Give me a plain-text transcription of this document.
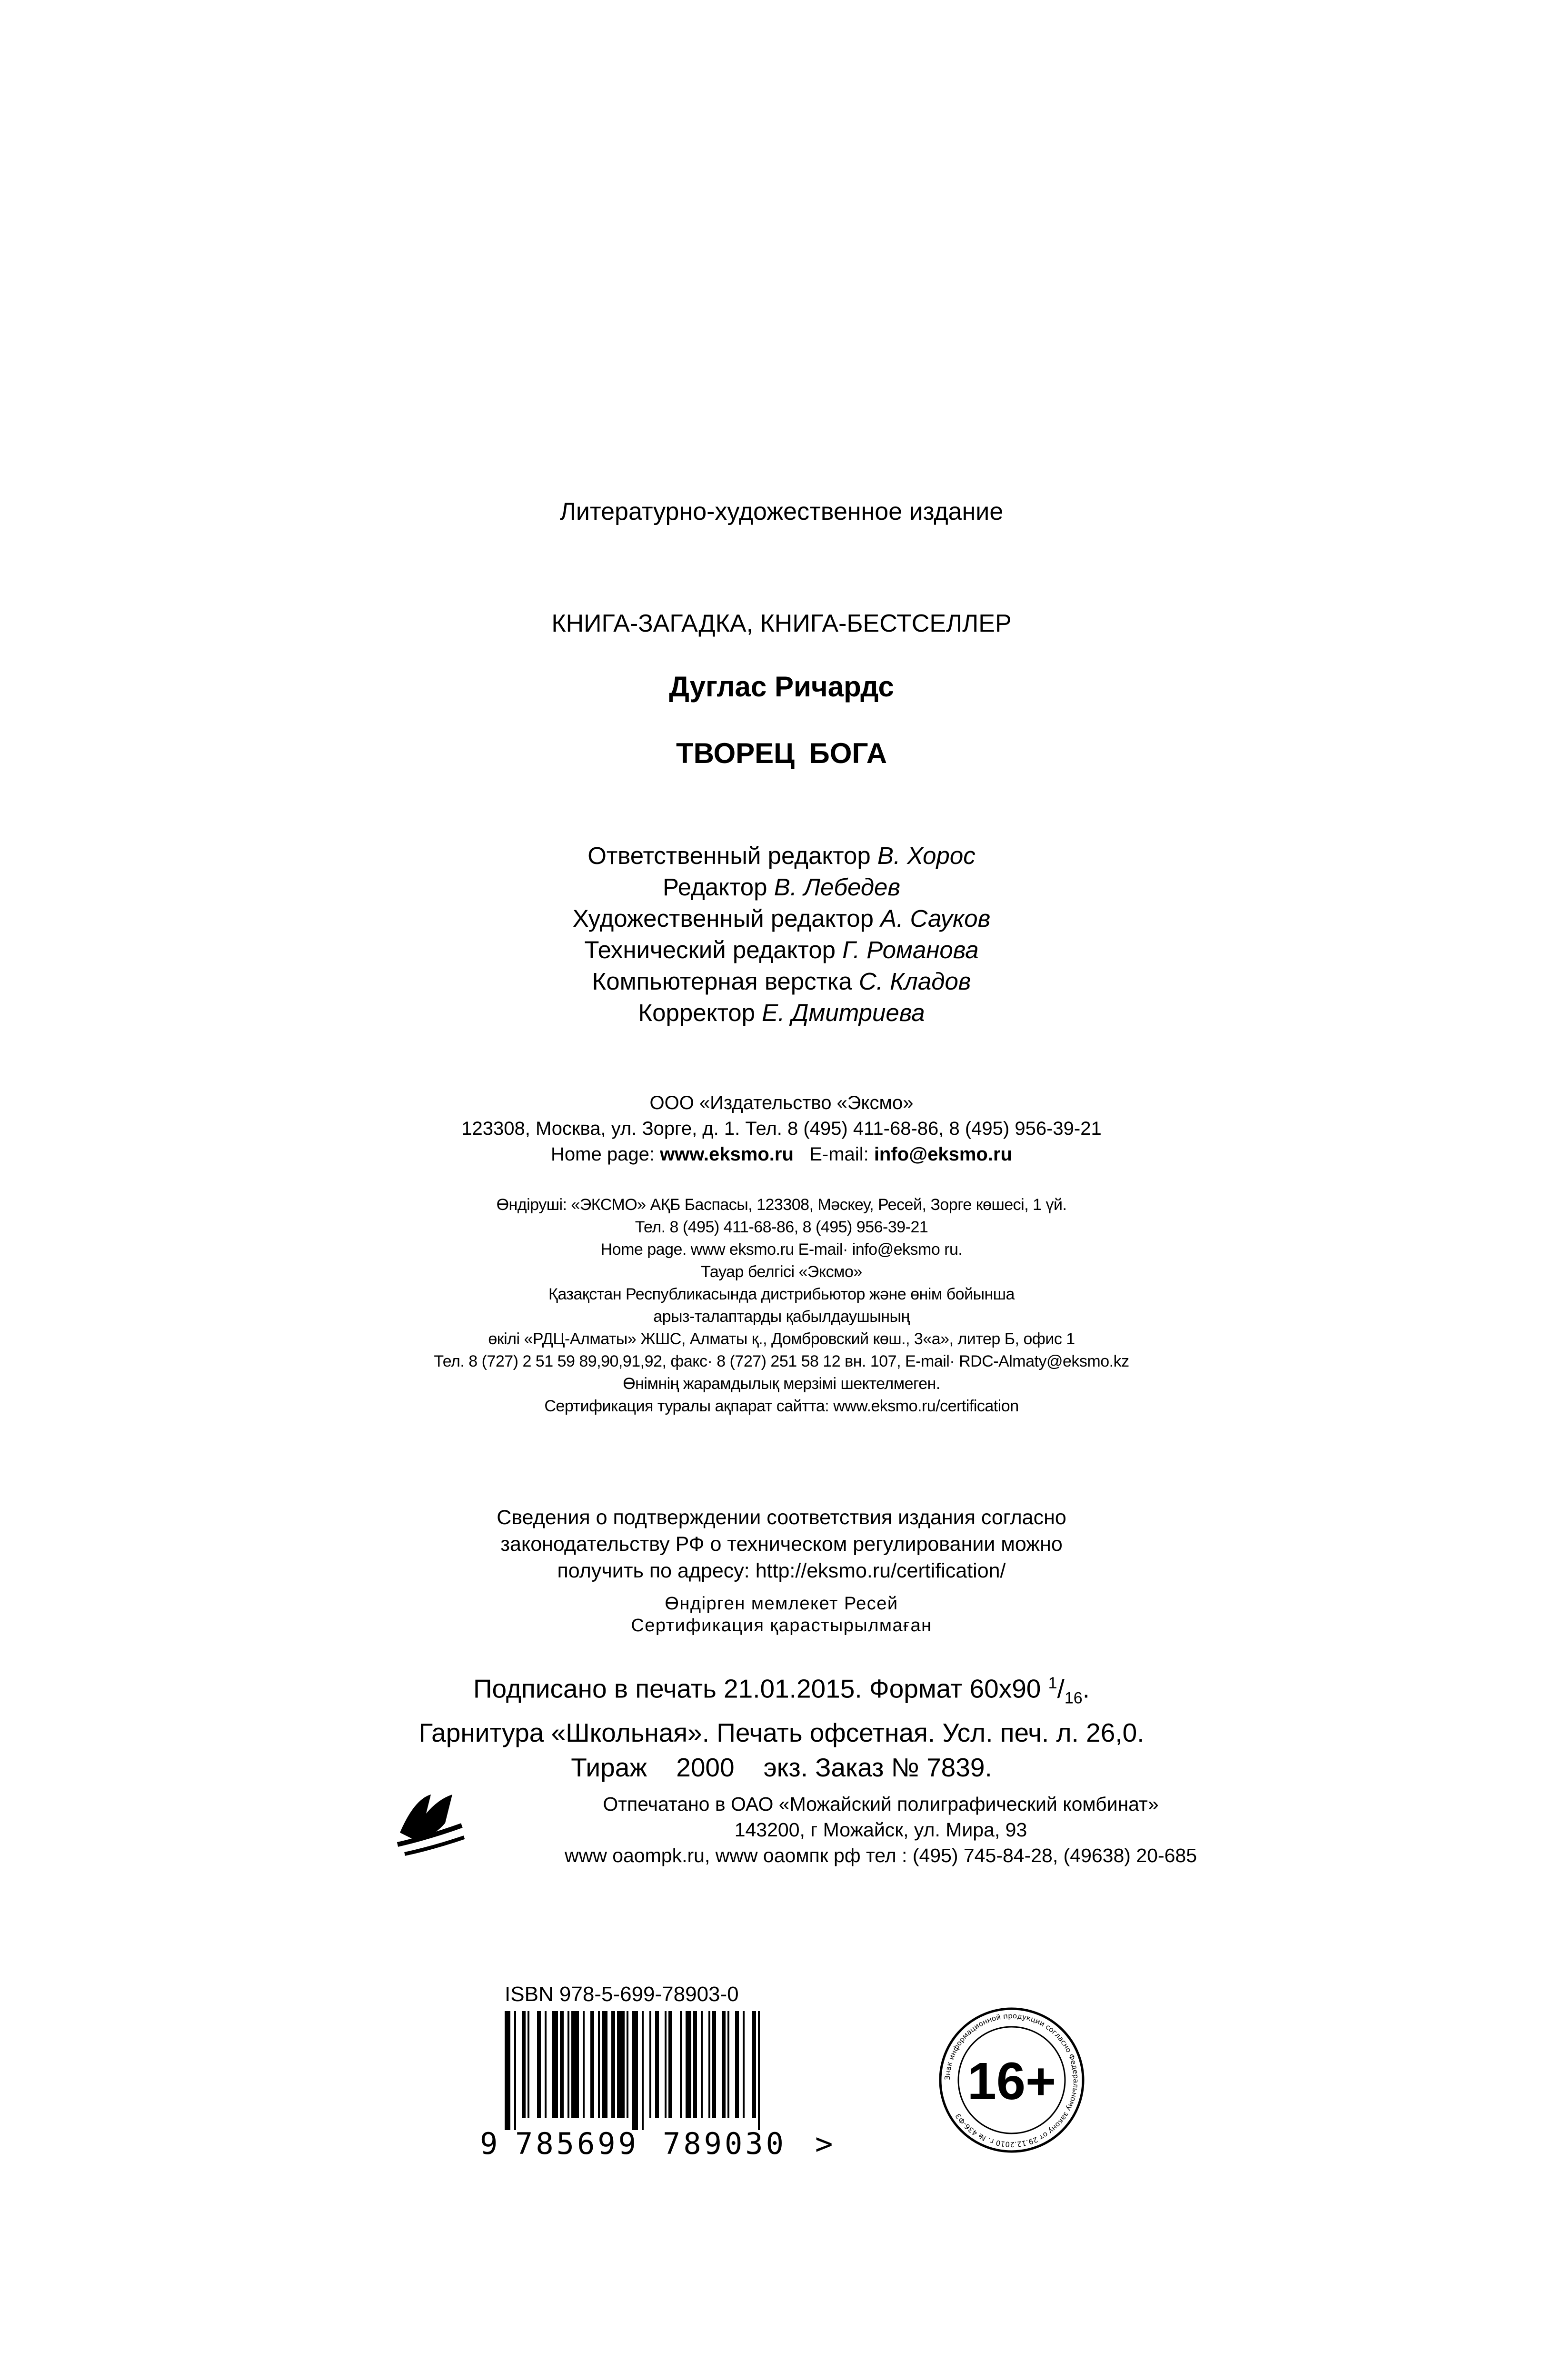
Литературно-художественное издание
КНИГА-ЗАГАДКА, КНИГА-БЕСТСЕЛЛЕР
Дуглас Ричардс
ТВОРЕЦ БОГА
Ответственный редактор В. Хорос
Редактор В. Лебедев
Художественный редактор А. Сауков
Технический редактор Г. Романова
Компьютерная верстка С. Кладов
Корректор Е. Дмитриева
ООО «Издательство «Эксмо»
123308, Москва, ул. Зорге, д. 1. Тел. 8 (495) 411-68-86, 8 (495) 956-39-21
Home page: www.eksmo.ru E-mail: info@eksmo.ru
Өндіруші: «ЭКСМО» АҚБ Баспасы, 123308, Мәскеу, Ресей, Зорге көшесі, 1 үй.
Тел. 8 (495) 411-68-86, 8 (495) 956-39-21
Home page. www eksmo.ru E-mail· info@eksmo ru.
Тауар белгісі «Эксмо»
Қазақстан Республикасында дистрибьютор және өнім бойынша
арыз-талаптарды қабылдаушының
өкілі «РДЦ-Алматы» ЖШС, Алматы қ., Домбровский көш., 3«а», литер Б, офис 1
Тел. 8 (727) 2 51 59 89,90,91,92, факс· 8 (727) 251 58 12 вн. 107, E-mail· RDC-Almaty@eksmo.kz
Өнімнің жарамдылық мерзімі шектелмеген.
Сертификация туралы ақпарат сайтта: www.eksmo.ru/certification
Сведения о подтверждении соответствия издания согласно
законодательству РФ о техническом регулировании можно
получить по адресу: http://eksmo.ru/certification/
Өндірген мемлекет Ресей
Сертификация қарастырылмаған
Подписано в печать 21.01.2015. Формат 60x90 $^1/_{16}$.
Гарнитура «Школьная». Печать офсетная. Усл. печ. л. 26,0.
Тираж 2000 экз. Заказ № 7839.
Отпечатано в ОАО «Можайский полиграфический комбинат»
143200, г Можайск, ул. Мира, 93
www oaompk.ru, www оаомпк рф тел : (495) 745-84-28, (49638) 20-685
ISBN 978-5-699-78903-0
9 785699 789030 >
Знак информационной продукции согласно Федеральному закону от 29.12.2010 г. № 436-ФЗ
16+
